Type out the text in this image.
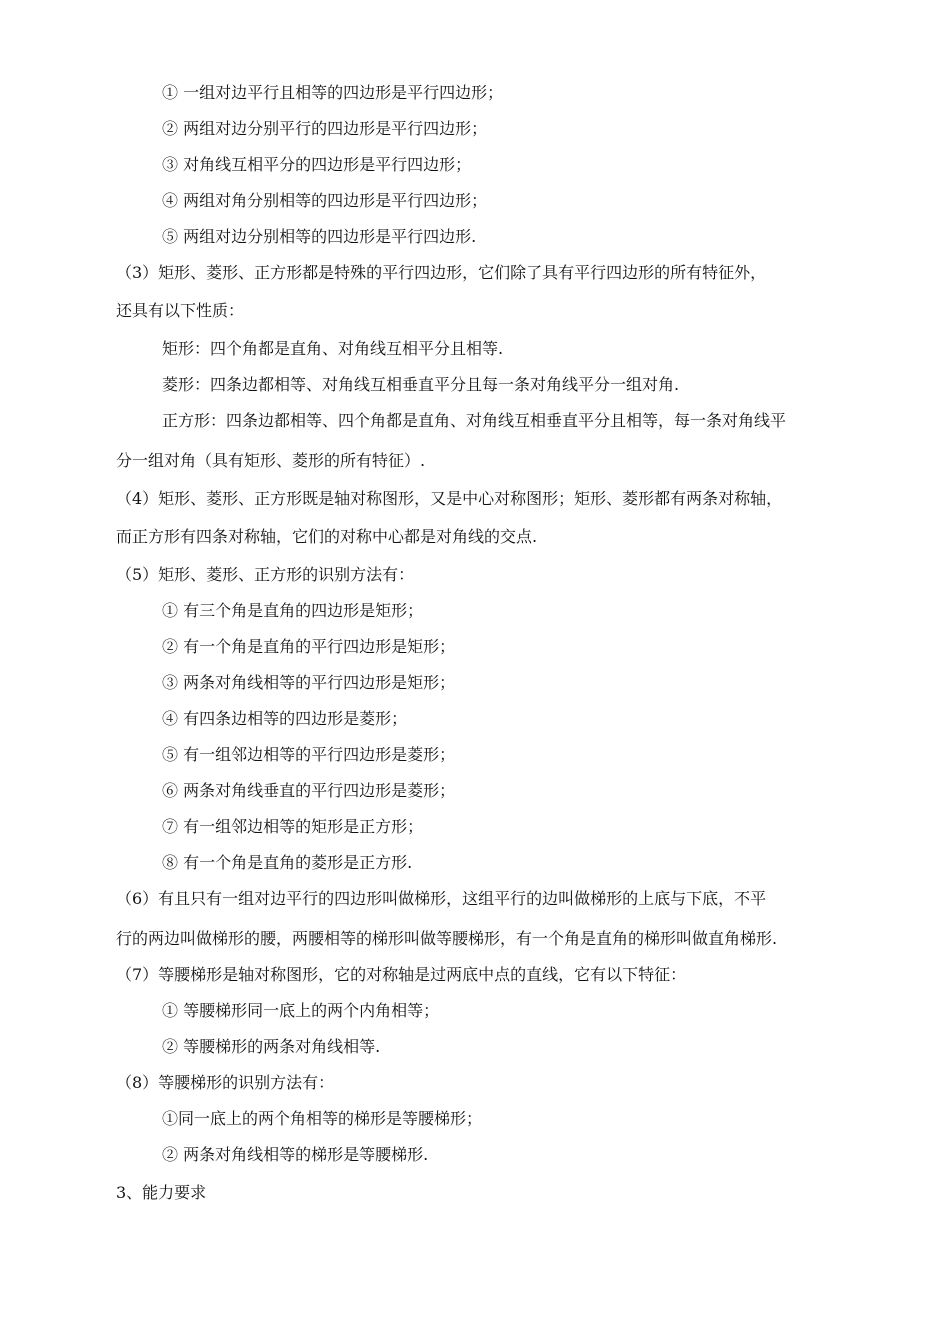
① 一组对边平行且相等的四边形是平行四边形；
② 两组对边分别平行的四边形是平行四边形；
③ 对角线互相平分的四边形是平行四边形；
④ 两组对角分别相等的四边形是平行四边形；
⑤ 两组对边分别相等的四边形是平行四边形.
（3）矩形、菱形、正方形都是特殊的平行四边形，它们除了具有平行四边形的所有特征外，
还具有以下性质：
矩形：四个角都是直角、对角线互相平分且相等.
菱形：四条边都相等、对角线互相垂直平分且每一条对角线平分一组对角.
正方形：四条边都相等、四个角都是直角、对角线互相垂直平分且相等，每一条对角线平
分一组对角（具有矩形、菱形的所有特征）.
（4）矩形、菱形、正方形既是轴对称图形，又是中心对称图形；矩形、菱形都有两条对称轴，
而正方形有四条对称轴，它们的对称中心都是对角线的交点.
（5）矩形、菱形、正方形的识别方法有：
① 有三个角是直角的四边形是矩形；
② 有一个角是直角的平行四边形是矩形；
③ 两条对角线相等的平行四边形是矩形；
④ 有四条边相等的四边形是菱形；
⑤ 有一组邻边相等的平行四边形是菱形；
⑥ 两条对角线垂直的平行四边形是菱形；
⑦ 有一组邻边相等的矩形是正方形；
⑧ 有一个角是直角的菱形是正方形.
（6）有且只有一组对边平行的四边形叫做梯形，这组平行的边叫做梯形的上底与下底，不平
行的两边叫做梯形的腰，两腰相等的梯形叫做等腰梯形，有一个角是直角的梯形叫做直角梯形.
（7）等腰梯形是轴对称图形，它的对称轴是过两底中点的直线，它有以下特征：
① 等腰梯形同一底上的两个内角相等；
② 等腰梯形的两条对角线相等.
（8）等腰梯形的识别方法有：
①同一底上的两个角相等的梯形是等腰梯形；
② 两条对角线相等的梯形是等腰梯形.
3、能力要求
